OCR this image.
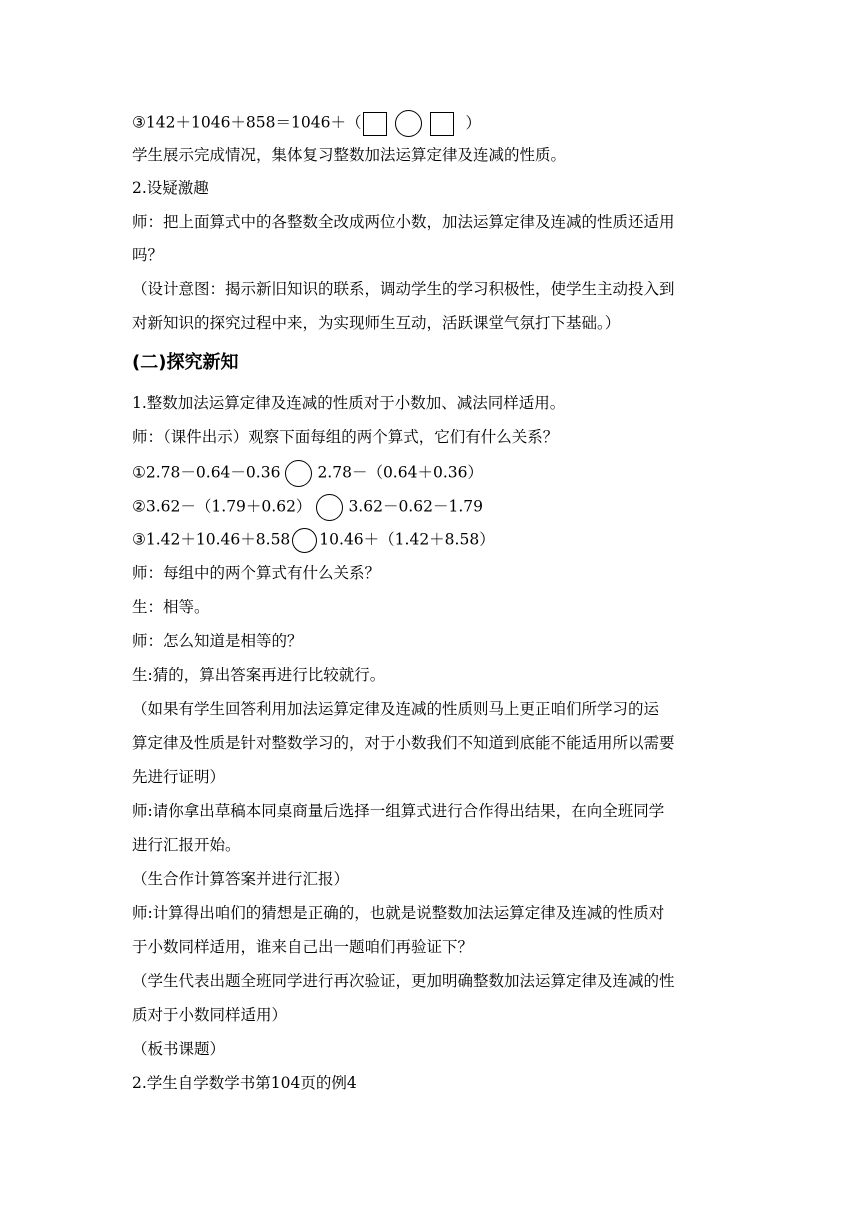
③142＋1046＋858＝1046＋（	）
学生展示完成情况，集体复习整数加法运算定律及连减的性质。
2.设疑激趣
师：把上面算式中的各整数全改成两位小数，加法运算定律及连减的性质还适用
吗？
（设计意图：揭示新旧知识的联系，调动学生的学习积极性，使学生主动投入到
对新知识的探究过程中来，为实现师生互动，活跃课堂气氛打下基础。）
(二)探究新知
1.整数加法运算定律及连减的性质对于小数加、减法同样适用。
师：（课件出示）观察下面每组的两个算式，它们有什么关系？
①2.78－0.64－0.36 2.78－（0.64＋0.36）
②3.62－（1.79＋0.62） 3.62－0.62－1.79
③1.42＋10.46＋8.58 10.46＋（1.42＋8.58）
师：每组中的两个算式有什么关系？
生：相等。
师：怎么知道是相等的？
生:猜的，算出答案再进行比较就行。
（如果有学生回答利用加法运算定律及连减的性质则马上更正咱们所学习的运
算定律及性质是针对整数学习的，对于小数我们不知道到底能不能适用所以需要
先进行证明）
师:请你拿出草稿本同桌商量后选择一组算式进行合作得出结果，在向全班同学
进行汇报开始。
（生合作计算答案并进行汇报）
师:计算得出咱们的猜想是正确的，也就是说整数加法运算定律及连减的性质对
于小数同样适用，谁来自己出一题咱们再验证下？
（学生代表出题全班同学进行再次验证，更加明确整数加法运算定律及连减的性
质对于小数同样适用）
（板书课题）
2.学生自学数学书第104页的例4
